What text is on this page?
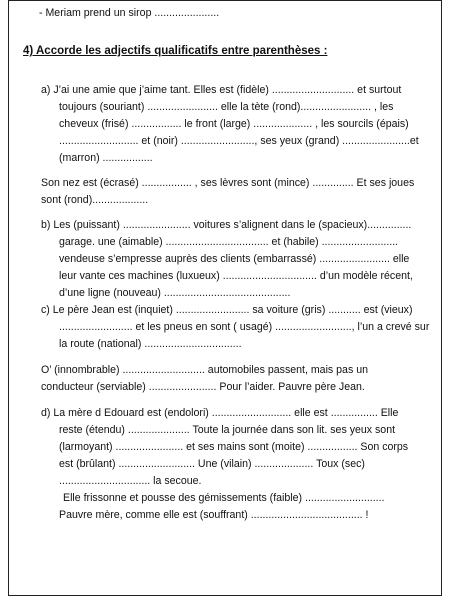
- Meriam prend un sirop ......................

4) Accorde les adjectifs qualificatifs entre parenthèses :

a) J’ai une amie que j’aime tant. Elles est (fidèle) ............................ et surtout

toujours (souriant) ........................ elle la tète (rond)........................ , les

cheveux (frisé) ................. le front (large) .................... , les sourcils (épais)

........................... et (noir) ........................., ses yeux (grand) .......................et

(marron) .................

Son nez est (écrasé) ................. , ses lèvres sont (mince) .............. Et ses joues

sont (rond)...................

b) Les (puissant) ....................... voitures s’alignent dans le (spacieux)...............

garage. une (aimable) ................................... et (habile) ..........................

vendeuse s’empresse auprès des clients (embarrassé) ........................ elle

leur vante ces machines (luxueux) ................................ d’un modèle récent,

d’une ligne (nouveau) ...........................................

c) Le père Jean est (inquiet) ......................... sa voiture (gris) ........... est (vieux)

......................... et les pneus en sont ( usagé) .........................., l’un a crevé sur

la route (national) .................................

O’ (innombrable) ............................ automobiles passent, mais pas un

conducteur (serviable) ....................... Pour l’aider. Pauvre père Jean.

d) La mère d Edouard est (endolori) ........................... elle est ................ Elle

reste (étendu) ..................... Toute la journée dans son lit. ses yeux sont

(larmoyant) ....................... et ses mains sont (moite) ................. Son corps

est (brûlant) .......................... Une (vilain) .................... Toux (sec)

............................... la secoue.

Elle frissonne et pousse des gémissements (faible) ...........................

Pauvre mère, comme elle est (souffrant) ...................................... !
